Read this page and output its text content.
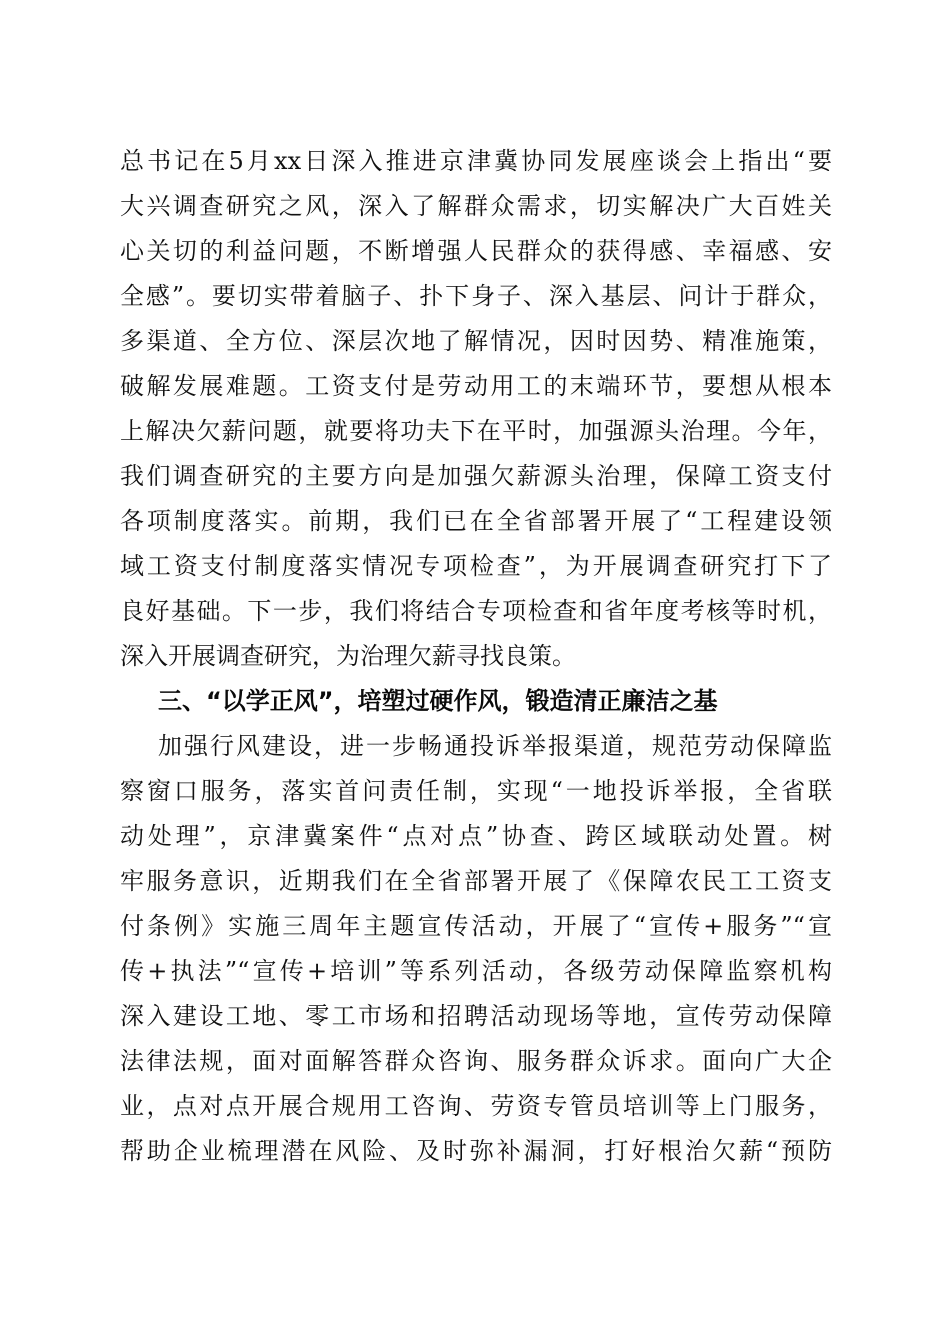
总书记在5月xx日深入推进京津冀协同发展座谈会上指出“要
大兴调查研究之风，深入了解群众需求，切实解决广大百姓关
心关切的利益问题，不断增强人民群众的获得感、幸福感、安
全感”。要切实带着脑子、扑下身子、深入基层、问计于群众，
多渠道、全方位、深层次地了解情况，因时因势、精准施策，
破解发展难题。工资支付是劳动用工的末端环节，要想从根本
上解决欠薪问题，就要将功夫下在平时，加强源头治理。今年，
我们调查研究的主要方向是加强欠薪源头治理，保障工资支付
各项制度落实。前期，我们已在全省部署开展了“工程建设领
域工资支付制度落实情况专项检查”，为开展调查研究打下了
良好基础。下一步，我们将结合专项检查和省年度考核等时机，
深入开展调查研究，为治理欠薪寻找良策。
三、“以学正风”，培塑过硬作风，锻造清正廉洁之基
加强行风建设，进一步畅通投诉举报渠道，规范劳动保障监
察窗口服务，落实首问责任制，实现“一地投诉举报，全省联
动处理”，京津冀案件“点对点”协查、跨区域联动处置。树
牢服务意识，近期我们在全省部署开展了《保障农民工工资支
付条例》实施三周年主题宣传活动，开展了“宣传+服务”“宣
传+执法”“宣传+培训”等系列活动，各级劳动保障监察机构
深入建设工地、零工市场和招聘活动现场等地，宣传劳动保障
法律法规，面对面解答群众咨询、服务群众诉求。面向广大企
业，点对点开展合规用工咨询、劳资专管员培训等上门服务，
帮助企业梳理潜在风险、及时弥补漏洞，打好根治欠薪“预防
